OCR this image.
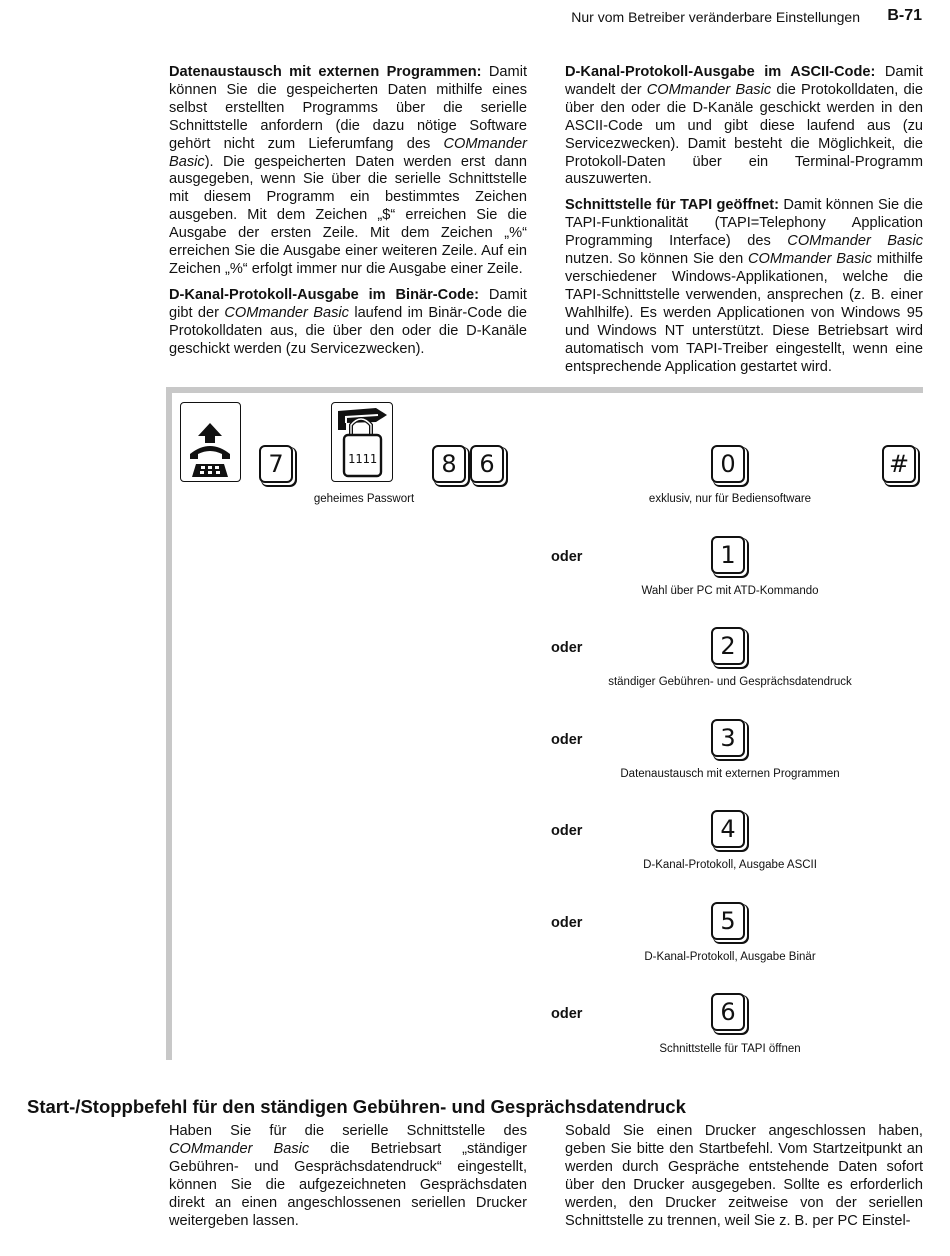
Nur vom Betreiber veränderbare Einstellungen B-71

Datenaustausch mit externen Programmen: Damit können Sie die gespeicherten Daten mithilfe eines selbst erstellten Programms über die serielle Schnittstelle anfordern (die dazu nötige Software gehört nicht zum Lieferumfang des COMmander Basic). Die gespeicherten Daten werden erst dann ausgegeben, wenn Sie über die serielle Schnittstelle mit diesem Programm ein bestimmtes Zeichen ausgeben. Mit dem Zeichen „$“ erreichen Sie die Ausgabe der ersten Zeile. Mit dem Zeichen „%“ erreichen Sie die Ausgabe einer weiteren Zeile. Auf ein Zeichen „%“ erfolgt immer nur die Ausgabe einer Zeile.

D-Kanal-Protokoll-Ausgabe im Binär-Code: Damit gibt der COMmander Basic laufend im Binär-Code die Protokolldaten aus, die über den oder die D-Kanäle geschickt werden (zu Servicezwecken).

D-Kanal-Protokoll-Ausgabe im ASCII-Code: Damit wandelt der COMmander Basic die Protokolldaten, die über den oder die D-Kanäle geschickt werden in den ASCII-Code um und gibt diese laufend aus (zu Servicezwecken). Damit besteht die Möglichkeit, die Protokoll-Daten über ein Terminal-Programm auszuwerten.

Schnittstelle für TAPI geöffnet: Damit können Sie die TAPI-Funktionalität (TAPI=Telephony Application Programming Interface) des COMmander Basic nutzen. So können Sie den COMmander Basic mithilfe verschiedener Windows-Applikationen, welche die TAPI-Schnittstelle verwenden, ansprechen (z. B. einer Wahlhilfe). Es werden Applicationen von Windows 95 und Windows NT unterstützt. Diese Betriebsart wird automatisch vom TAPI-Treiber eingestellt, wenn eine entsprechende Application gestartet wird.

7	1111	8 6	0	#
geheimes Passwort	exklusiv, nur für Bediensoftware
oder	1
Wahl über PC mit ATD-Kommando
oder	2
ständiger Gebühren- und Gesprächsdatendruck
oder	3
Datenaustausch mit externen Programmen
oder	4
D-Kanal-Protokoll, Ausgabe ASCII
oder	5
D-Kanal-Protokoll, Ausgabe Binär
oder	6
Schnittstelle für TAPI öffnen
Start-/Stoppbefehl für den ständigen Gebühren- und Gesprächsdatendruck

Haben Sie für die serielle Schnittstelle des COMmander Basic die Betriebsart „ständiger Gebühren- und Gesprächsdatendruck“ eingestellt, können Sie die aufgezeichneten Gesprächsdaten direkt an einen angeschlossenen seriellen Drucker weitergeben lassen.

Sobald Sie einen Drucker angeschlossen haben, geben Sie bitte den Startbefehl. Vom Startzeitpunkt an werden durch Gespräche entstehende Daten sofort über den Drucker ausgegeben. Sollte es erforderlich werden, den Drucker zeitweise von der seriellen Schnittstelle zu trennen, weil Sie z. B. per PC Einstel-
